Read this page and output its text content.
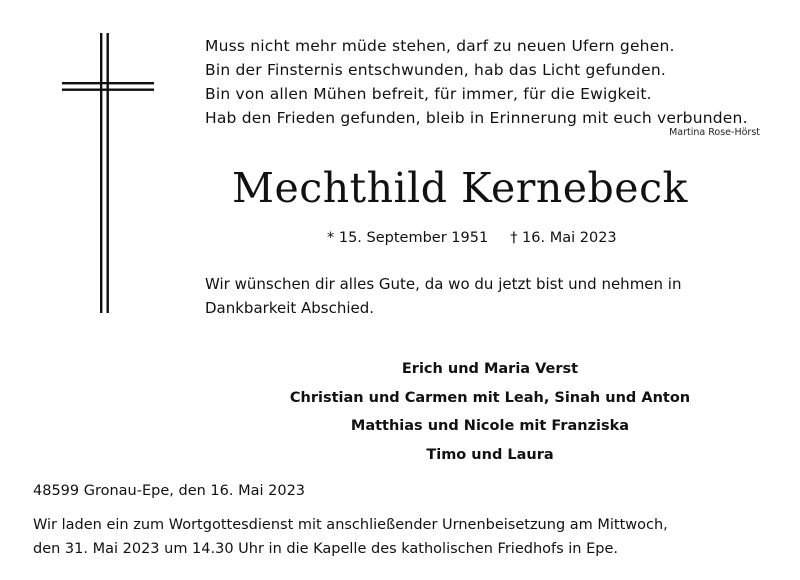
Muss nicht mehr müde stehen, darf zu neuen Ufern gehen.
Bin der Finsternis entschwunden, hab das Licht gefunden.
Bin von allen Mühen befreit, für immer, für die Ewigkeit.
Hab den Frieden gefunden, bleib in Erinnerung mit euch verbunden.
Martina Rose-Hörst
Mechthild Kernebeck
* 15. September 1951 † 16. Mai 2023
Wir wünschen dir alles Gute, da wo du jetzt bist und nehmen in Dankbarkeit Abschied.
Erich und Maria Verst
Christian und Carmen mit Leah, Sinah und Anton
Matthias und Nicole mit Franziska
Timo und Laura
48599 Gronau-Epe, den 16. Mai 2023
Wir laden ein zum Wortgottesdienst mit anschließender Urnenbeisetzung am Mittwoch,
den 31. Mai 2023 um 14.30 Uhr in die Kapelle des katholischen Friedhofs in Epe.
